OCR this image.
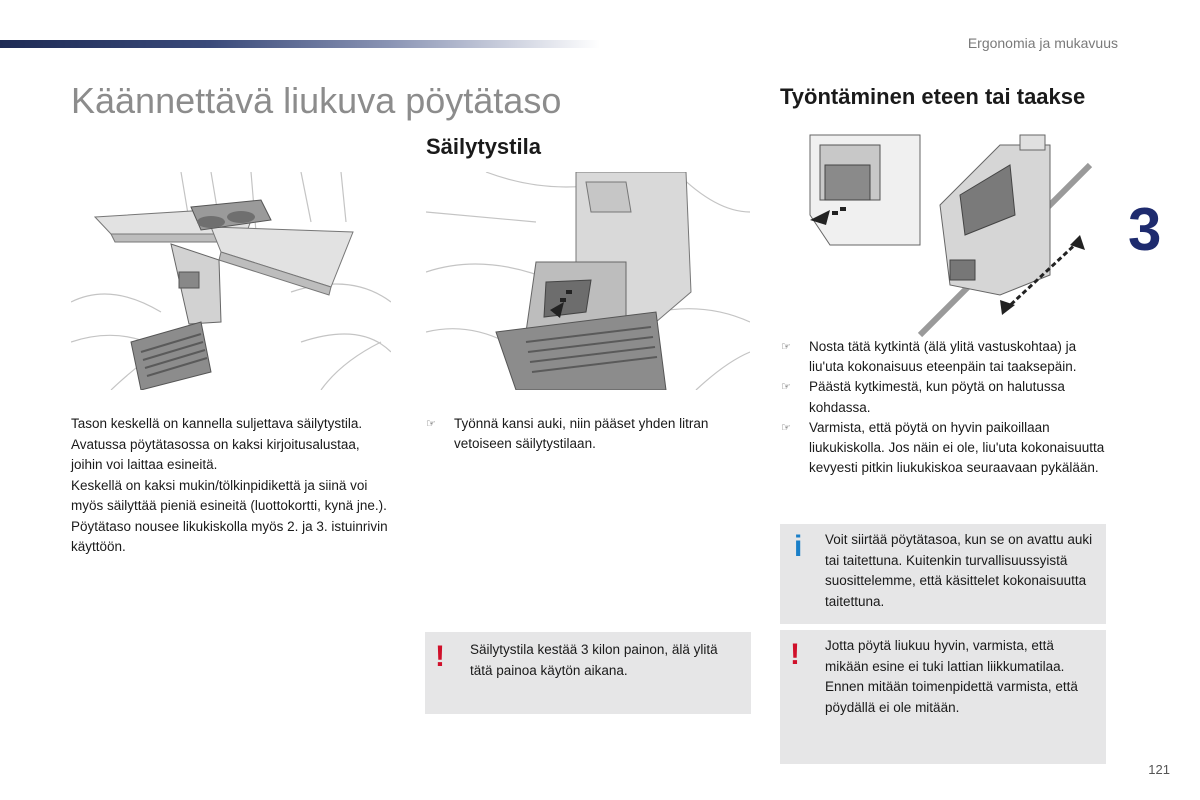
Ergonomia ja mukavuus
Käännettävä liukuva pöytätaso
3

Tason keskellä on kannella suljettava säilytystila. Avatussa pöytätasossa on kaksi kirjoitusalustaa, joihin voi laittaa esineitä.

Keskellä on kaksi mukin/tölkinpidikettä ja siinä voi myös säilyttää pieniä esineitä (luottokortti, kynä jne.).

Pöytätaso nousee likukiskolla myös 2. ja 3. istuinrivin käyttöön.

Säilytystila
☞ Työnnä kansi auki, niin pääset yhden litran vetoiseen säilytystilaan.
!	Säilytystila kestää 3 kilon painon, älä ylitä tätä painoa käytön aikana.
Työntäminen eteen tai taakse
☞ Nosta tätä kytkintä (älä ylitä vastuskohtaa) ja liu'uta kokonaisuus eteenpäin tai taaksepäin.
☞ Päästä kytkimestä, kun pöytä on halutussa kohdassa.
☞ Varmista, että pöytä on hyvin paikoillaan liukukiskolla. Jos näin ei ole, liu'uta kokonaisuutta kevyesti pitkin liukukiskoa seuraavaan pykälään.
i	Voit siirtää pöytätasoa, kun se on avattu auki tai taitettuna. Kuitenkin turvallisuussyistä suosittelemme, että käsittelet kokonaisuutta taitettuna.
!	Jotta pöytä liukuu hyvin, varmista, että mikään esine ei tuki lattian liikkumatilaa. Ennen mitään toimenpidettä varmista, että pöydällä ei ole mitään.
121
